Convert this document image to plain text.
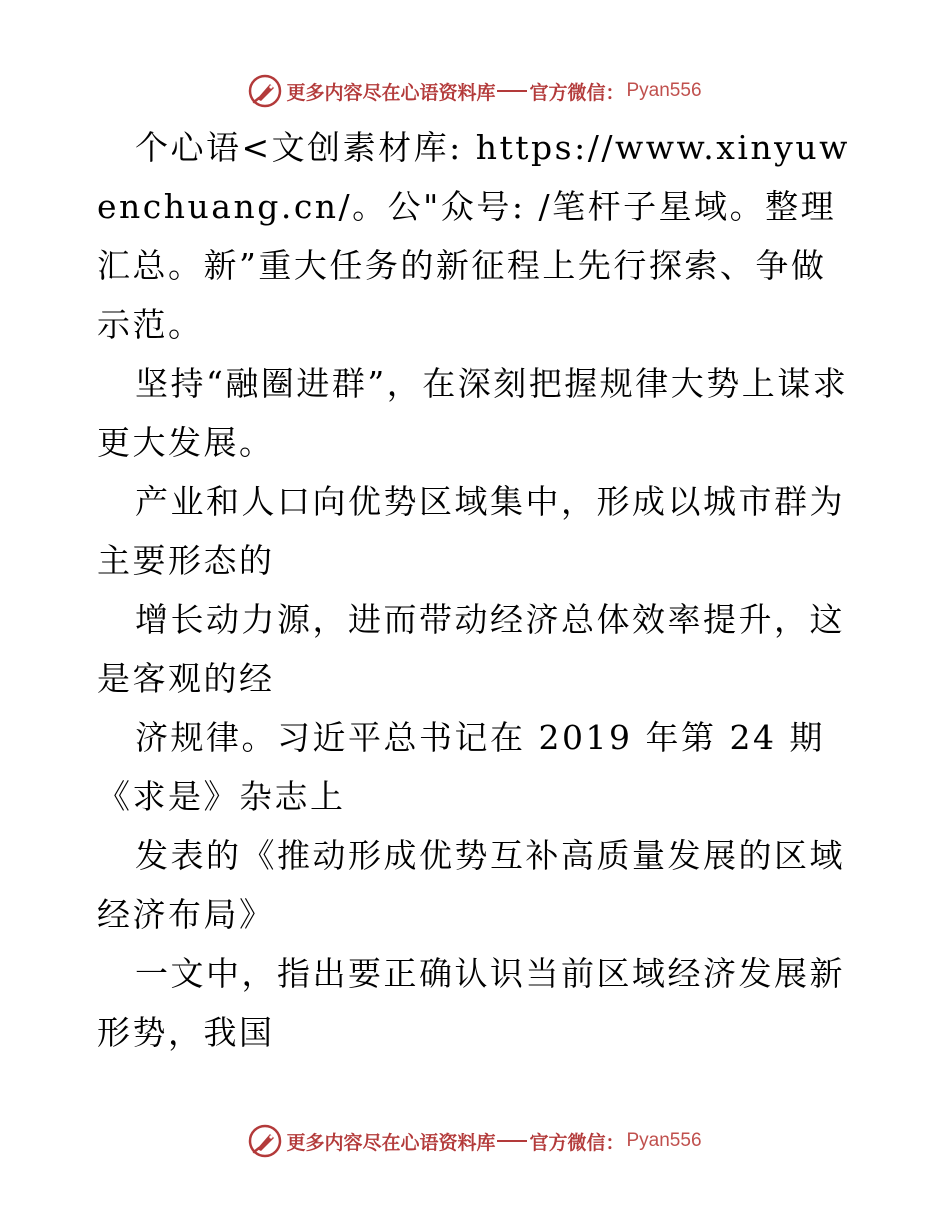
更多内容尽在心语资料库 官方微信： Pyan556

个心语<文创素材库: https://www.xinyuwenchuang.cn/。公"众号: /笔杆子星域。整理汇总。新”重大任务的新征程上先行探索、争做示范。

坚持“融圈进群”，在深刻把握规律大势上谋求更大发展。

产业和人口向优势区域集中，形成以城市群为主要形态的

增长动力源，进而带动经济总体效率提升，这是客观的经

济规律。习近平总书记在 2019 年第 24 期《求是》杂志上

发表的《推动形成优势互补高质量发展的区域经济布局》

一文中，指出要正确认识当前区域经济发展新形势，我国

更多内容尽在心语资料库 官方微信： Pyan556
